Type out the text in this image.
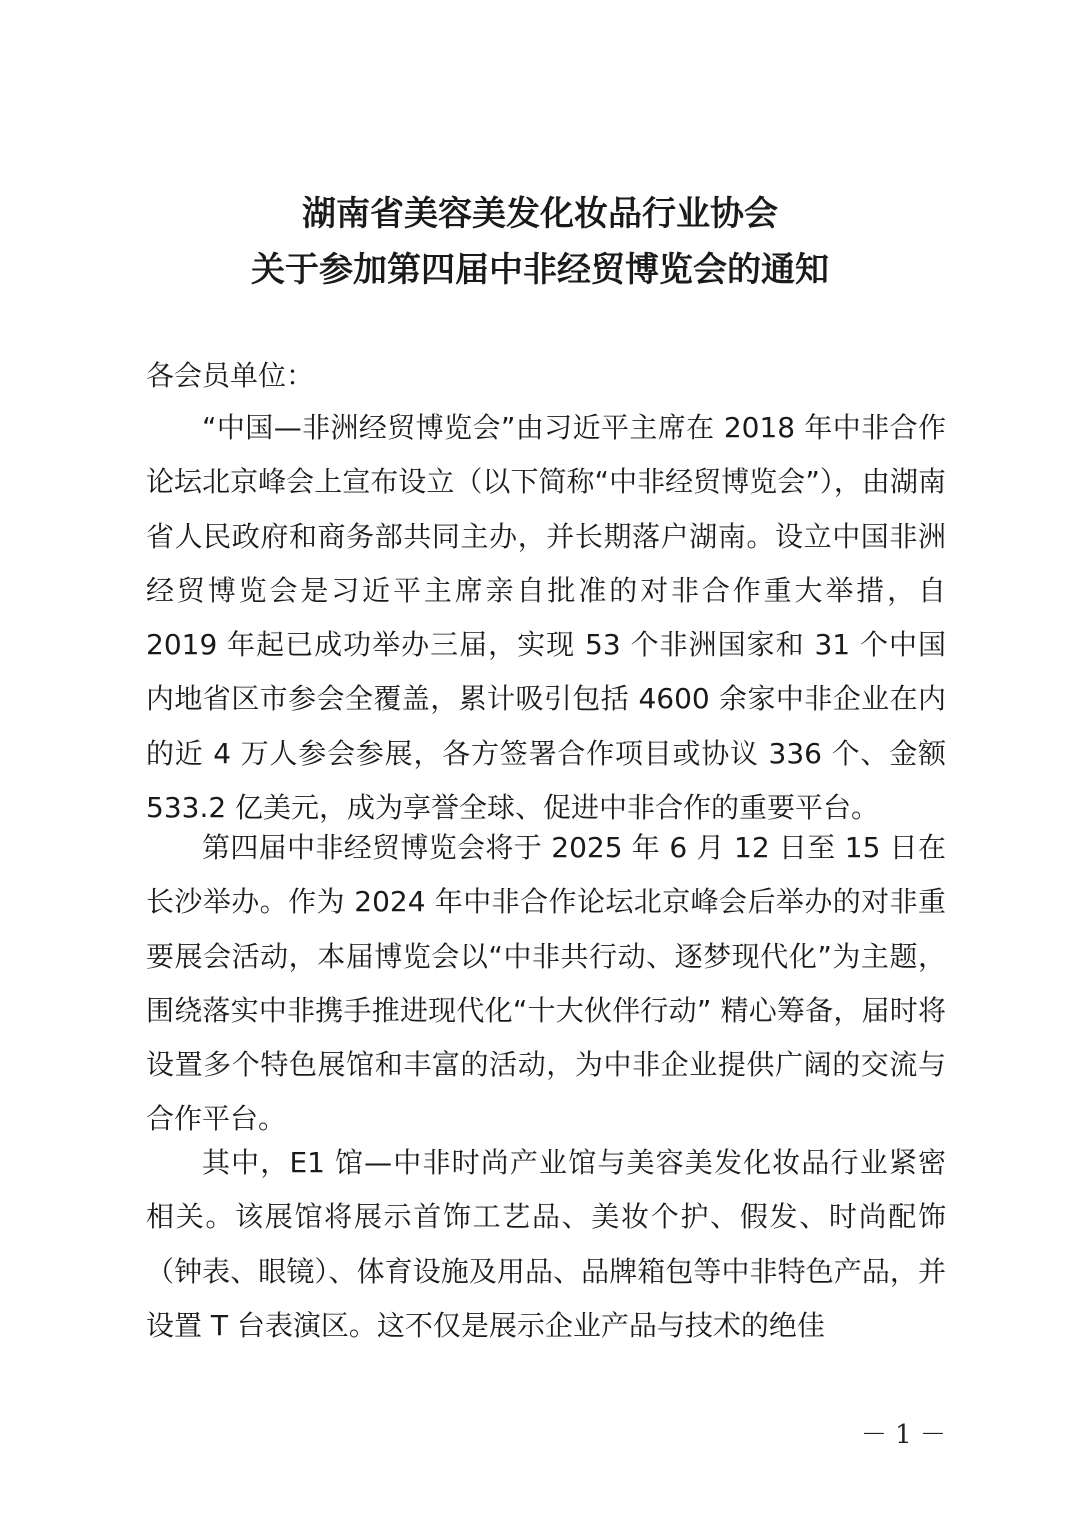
湖南省美容美发化妆品行业协会
关于参加第四届中非经贸博览会的通知
各会员单位：

“中国—非洲经贸博览会”由习近平主席在 2018 年中非合作论坛北京峰会上宣布设立（以下简称“中非经贸博览会”），由湖南省人民政府和商务部共同主办，并长期落户湖南。设立中国非洲经贸博览会是习近平主席亲自批准的对非合作重大举措，自 2019 年起已成功举办三届，实现 53 个非洲国家和 31 个中国内地省区市参会全覆盖，累计吸引包括 4600 余家中非企业在内的近 4 万人参会参展，各方签署合作项目或协议 336 个、金额 533.2 亿美元，成为享誉全球、促进中非合作的重要平台。

第四届中非经贸博览会将于 2025 年 6 月 12 日至 15 日在长沙举办。作为 2024 年中非合作论坛北京峰会后举办的对非重要展会活动，本届博览会以“中非共行动、逐梦现代化”为主题，围绕落实中非携手推进现代化“十大伙伴行动” 精心筹备，届时将设置多个特色展馆和丰富的活动，为中非企业提供广阔的交流与合作平台。

其中，E1 馆—中非时尚产业馆与美容美发化妆品行业紧密相关。该展馆将展示首饰工艺品、美妆个护、假发、时尚配饰（钟表、眼镜）、体育设施及用品、品牌箱包等中非特色产品，并设置 T 台表演区。这不仅是展示企业产品与技术的绝佳

－ 1 －
